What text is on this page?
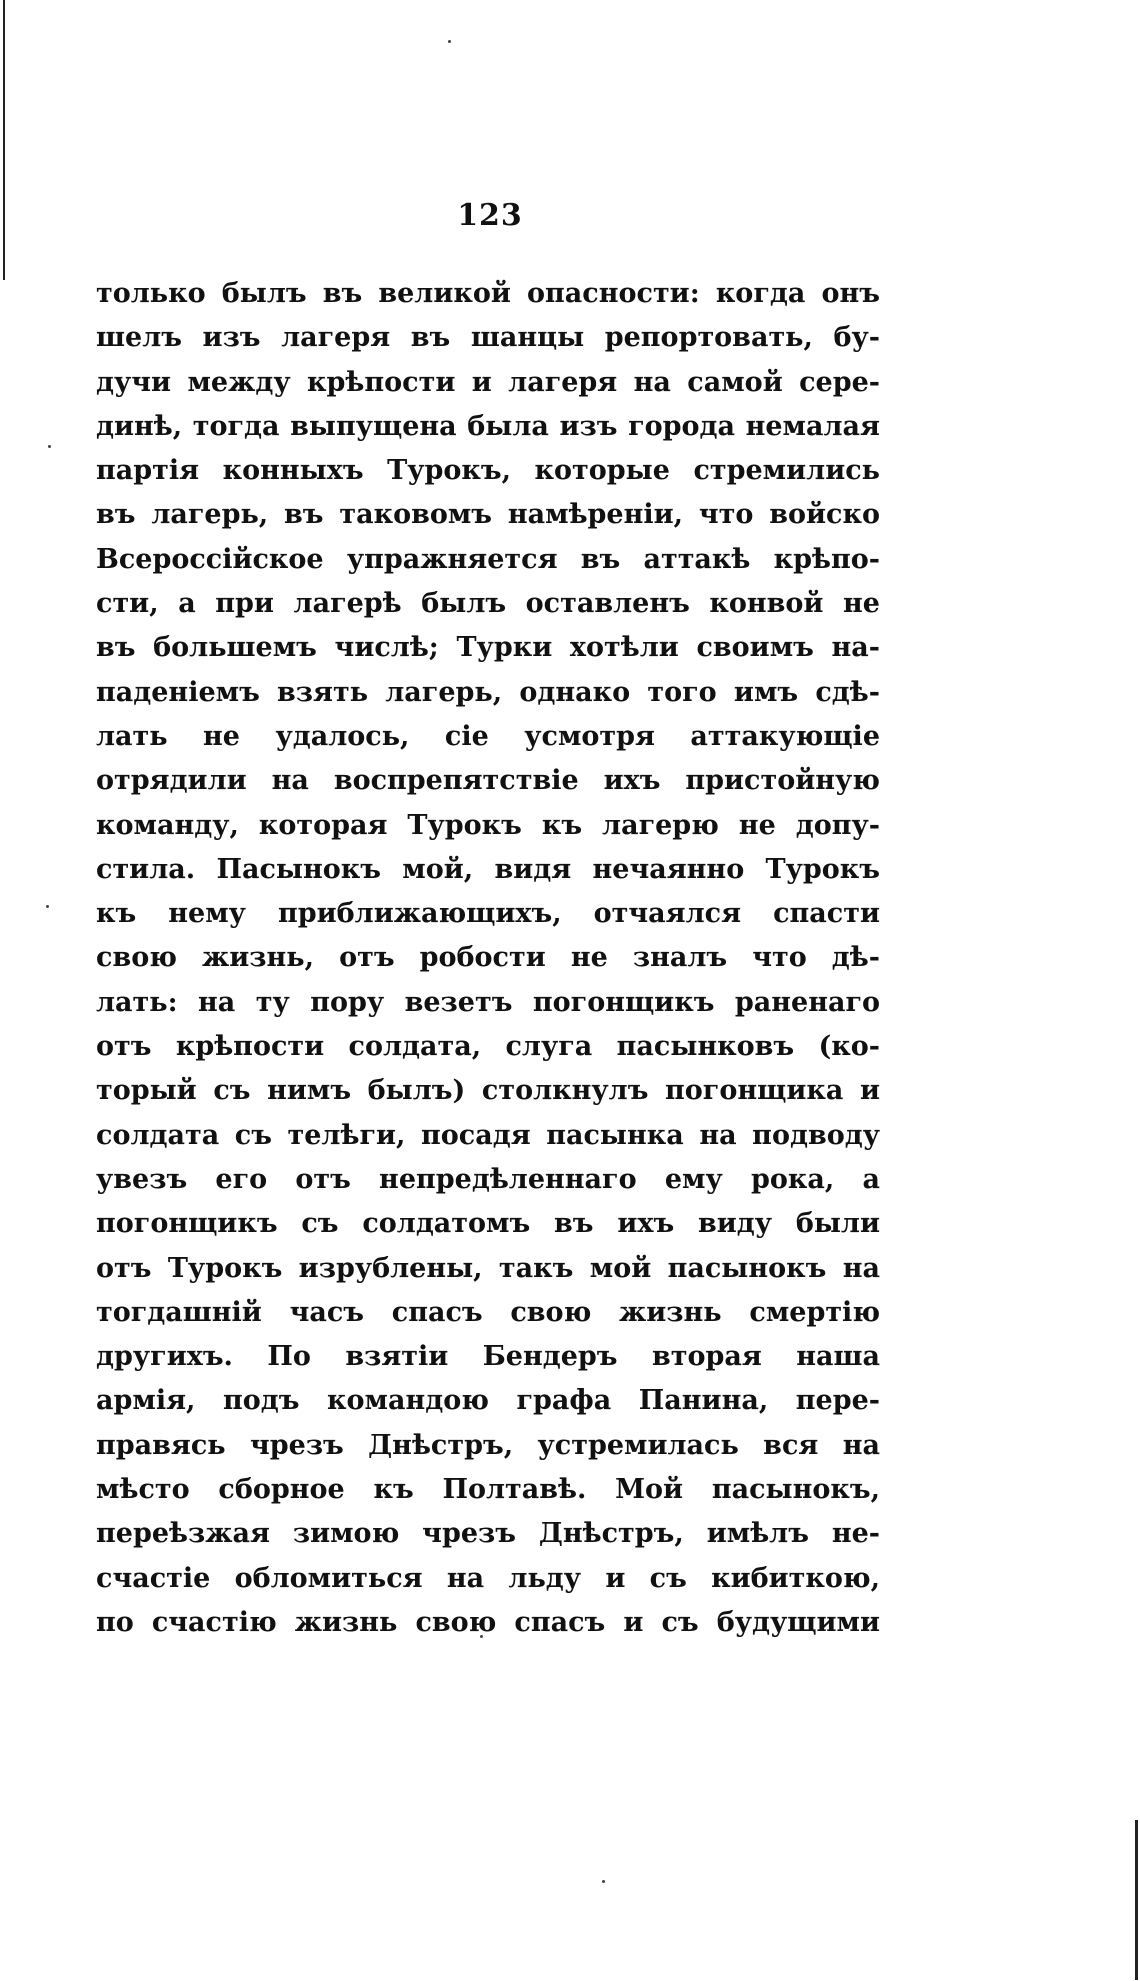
123
только былъ въ великой опасности: когда онъ
шелъ изъ лагеря въ шанцы репортовать, бу-
дучи между крѣпости и лагеря на самой сере-
динѣ, тогда выпущена была изъ города немалая
партія конныхъ Турокъ, которые стремились
въ лагерь, въ таковомъ намѣреніи, что войско
Всероссійское упражняется въ аттакѣ крѣпо-
сти, а при лагерѣ былъ оставленъ конвой не
въ большемъ числѣ; Турки хотѣли своимъ на-
паденіемъ взять лагерь, однако того имъ сдѣ-
лать не удалось, сіе усмотря аттакующіе
отрядили на воспрепятствіе ихъ пристойную
команду, которая Турокъ къ лагерю не допу-
стила. Пасынокъ мой, видя нечаянно Турокъ
къ нему приближающихъ, отчаялся спасти
свою жизнь, отъ робости не зналъ что дѣ-
лать: на ту пору везетъ погонщикъ раненаго
отъ крѣпости солдата, слуга пасынковъ (ко-
торый съ нимъ былъ) столкнулъ погонщика и
солдата съ телѣги, посадя пасынка на подводу
увезъ его отъ непредѣленнаго ему рока, а
погонщикъ съ солдатомъ въ ихъ виду были
отъ Турокъ изрублены, такъ мой пасынокъ на
тогдашній часъ спасъ свою жизнь смертію
другихъ. По взятіи Бендеръ вторая наша
армія, подъ командою графа Панина, пере-
правясь чрезъ Днѣстръ, устремилась вся на
мѣсто сборное къ Полтавѣ. Мой пасынокъ,
переѣзжая зимою чрезъ Днѣстръ, имѣлъ не-
счастіе обломиться на льду и съ кибиткою,
по счастію жизнь свою спасъ и съ будущими
